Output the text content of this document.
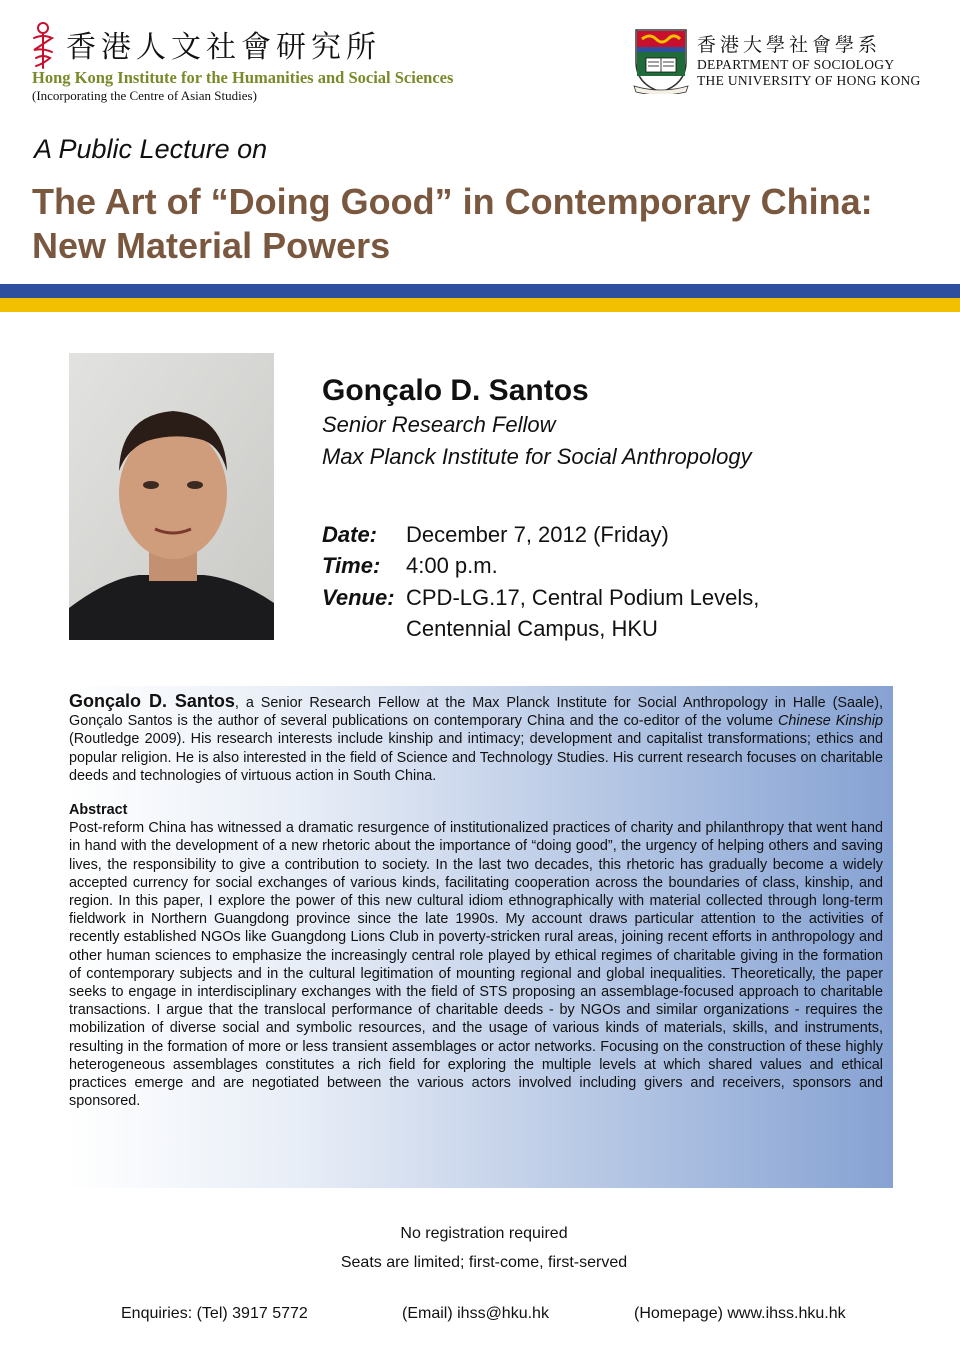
香港人文社會研究所
Hong Kong Institute for the Humanities and Social Sciences
(Incorporating the Centre of Asian Studies)
香港大學社會學系
DEPARTMENT OF SOCIOLOGY
THE UNIVERSITY OF HONG KONG
A Public Lecture on
The Art of “Doing Good” in Contemporary China: New Material Powers
Gonçalo D. Santos
Senior Research Fellow
Max Planck Institute for Social Anthropology
Date: December 7, 2012 (Friday)
Time: 4:00 p.m.
Venue: CPD-LG.17, Central Podium Levels,
Centennial Campus, HKU

Gonçalo D. Santos, a Senior Research Fellow at the Max Planck Institute for Social Anthropology in Halle (Saale), Gonçalo Santos is the author of several publications on contemporary China and the co-editor of the volume Chinese Kinship (Routledge 2009). His research interests include kinship and intimacy; development and capitalist transformations; ethics and popular religion. He is also interested in the field of Science and Technology Studies. His current research focuses on charitable deeds and technologies of virtuous action in South China.

Abstract

Post-reform China has witnessed a dramatic resurgence of institutionalized practices of charity and philanthropy that went hand in hand with the development of a new rhetoric about the importance of “doing good”, the urgency of helping others and saving lives, the responsibility to give a contribution to society. In the last two decades, this rhetoric has gradually become a widely accepted currency for social exchanges of various kinds, facilitating cooperation across the boundaries of class, kinship, and region. In this paper, I explore the power of this new cultural idiom ethnographically with material collected through long-term fieldwork in Northern Guangdong province since the late 1990s. My account draws particular attention to the activities of recently established NGOs like Guangdong Lions Club in poverty-stricken rural areas, joining recent efforts in anthropology and other human sciences to emphasize the increasingly central role played by ethical regimes of charitable giving in the formation of contemporary subjects and in the cultural legitimation of mounting regional and global inequalities. Theoretically, the paper seeks to engage in interdisciplinary exchanges with the field of STS proposing an assemblage-focused approach to charitable transactions. I argue that the translocal performance of charitable deeds - by NGOs and similar organizations - requires the mobilization of diverse social and symbolic resources, and the usage of various kinds of materials, skills, and instruments, resulting in the formation of more or less transient assemblages or actor networks. Focusing on the construction of these highly heterogeneous assemblages constitutes a rich field for exploring the multiple levels at which shared values and ethical practices emerge and are negotiated between the various actors involved including givers and receivers, sponsors and sponsored.

No registration required
Seats are limited; first-come, first-served
Enquiries: (Tel) 3917 5772	(Email) ihss@hku.hk	(Homepage) www.ihss.hku.hk
